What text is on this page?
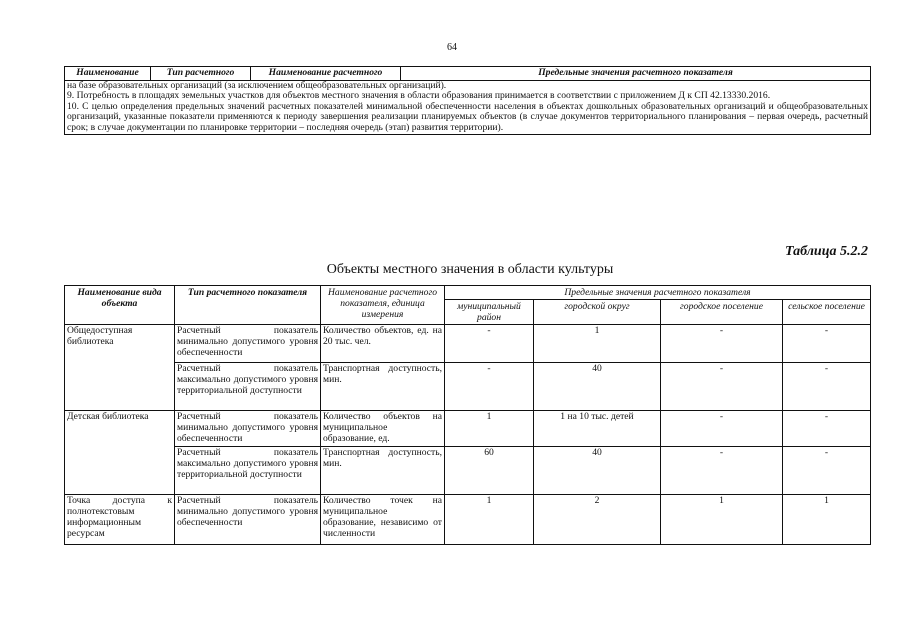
64
Наименование	Тип расчетного	Наименование расчетного	Предельные значения расчетного показателя
на базе образовательных организаций (за исключением общеобразовательных организаций).
9. Потребность в площадях земельных участков для объектов местного значения в области образования принимается в соответствии с приложением Д к СП 42.13330.2016.
10. С целью определения предельных значений расчетных показателей минимальной обеспеченности населения в объектах дошкольных образовательных организаций и общеобразовательных организаций, указанные показатели применяются к периоду завершения реализации планируемых объектов (в случае документов территориального планирования – первая очередь, расчетный срок; в случае документации по планировке территории – последняя очередь (этап) развития территории).
Таблица 5.2.2
Объекты местного значения в области культуры
Наименование вида объекта	Тип расчетного показателя	Наименование расчетного показателя, единица измерения	Предельные значения расчетного показателя			
			муниципальный район	городской округ	городское поселение	сельское поселение
Общедоступная библиотека	Расчетный показатель минимально допустимого уровня обеспеченности	Количество объектов, ед. на 20 тыс. чел.	-	1	-	-
	Расчетный показатель максимально допустимого уровня территориальной доступности	Транспортная доступность, мин.	-	40	-	-
Детская библиотека	Расчетный показатель минимально допустимого уровня обеспеченности	Количество объектов на муниципальное образование, ед.	1	1 на 10 тыс. детей	-	-
	Расчетный показатель максимально допустимого уровня территориальной доступности	Транспортная доступность, мин.	60	40	-	-
Точка доступа к полнотекстовым информационным ресурсам	Расчетный показатель минимально допустимого уровня обеспеченности	Количество точек на муниципальное образование, независимо от численности	1	2	1	1
